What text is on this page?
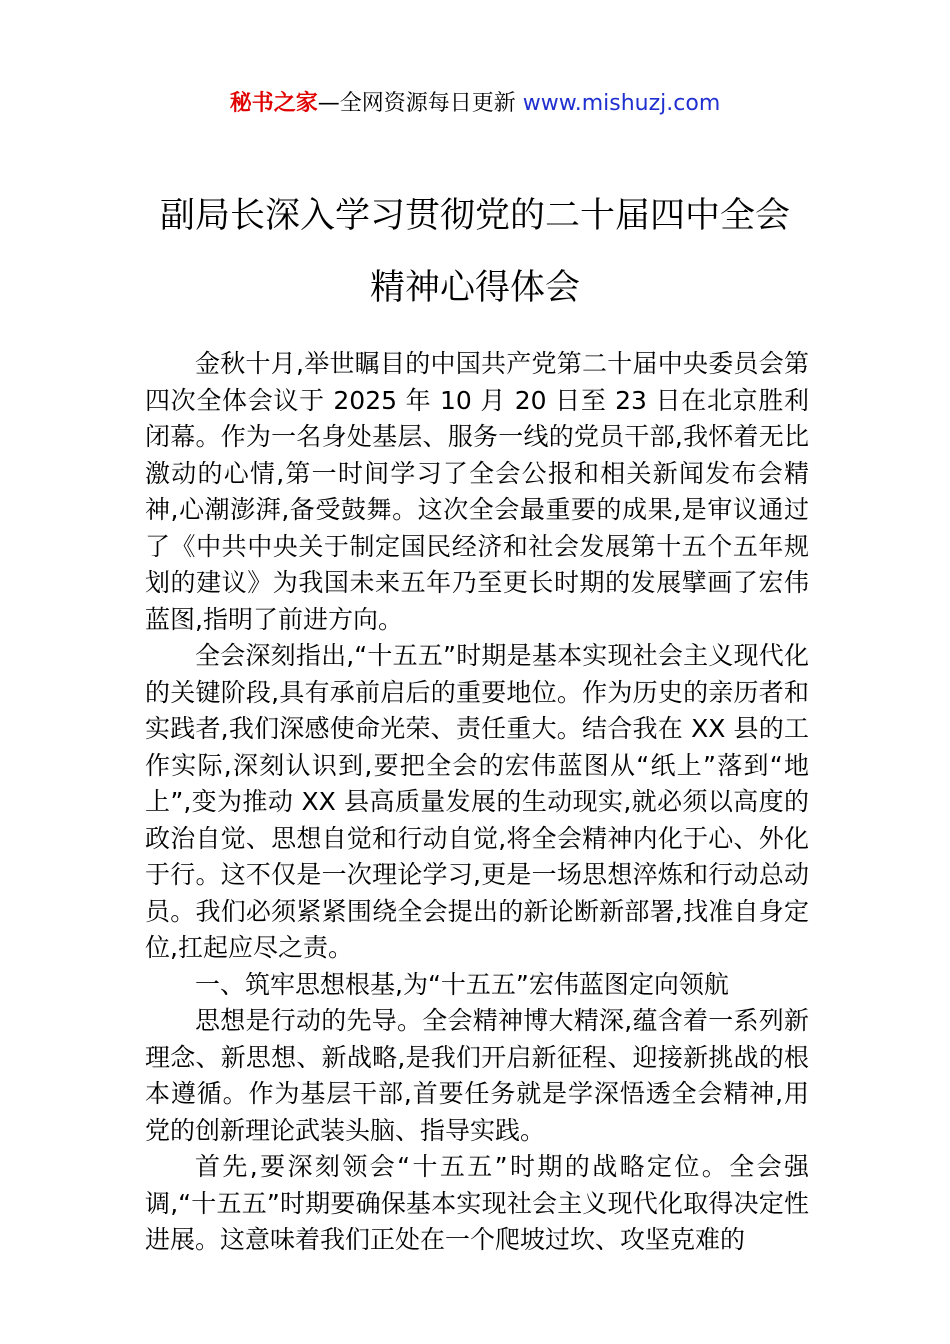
秘书之家—全网资源每日更新 www.mishuzj.com
副局长深入学习贯彻党的二十届四中全会
精神心得体会

金秋十月,举世瞩目的中国共产党第二十届中央委员会第四次全体会议于 2025 年 10 月 20 日至 23 日在北京胜利闭幕。作为一名身处基层、服务一线的党员干部,我怀着无比激动的心情,第一时间学习了全会公报和相关新闻发布会精神,心潮澎湃,备受鼓舞。这次全会最重要的成果,是审议通过了《中共中央关于制定国民经济和社会发展第十五个五年规划的建议》为我国未来五年乃至更长时期的发展擘画了宏伟蓝图,指明了前进方向。

全会深刻指出,“十五五”时期是基本实现社会主义现代化的关键阶段,具有承前启后的重要地位。作为历史的亲历者和实践者,我们深感使命光荣、责任重大。结合我在 XX 县的工作实际,深刻认识到,要把全会的宏伟蓝图从“纸上”落到“地上”,变为推动 XX 县高质量发展的生动现实,就必须以高度的政治自觉、思想自觉和行动自觉,将全会精神内化于心、外化于行。这不仅是一次理论学习,更是一场思想淬炼和行动总动员。我们必须紧紧围绕全会提出的新论断新部署,找准自身定位,扛起应尽之责。

一、筑牢思想根基,为“十五五”宏伟蓝图定向领航

思想是行动的先导。全会精神博大精深,蕴含着一系列新理念、新思想、新战略,是我们开启新征程、迎接新挑战的根本遵循。作为基层干部,首要任务就是学深悟透全会精神,用党的创新理论武装头脑、指导实践。

首先,要深刻领会“十五五”时期的战略定位。全会强调,“十五五”时期要确保基本实现社会主义现代化取得决定性进展。这意味着我们正处在一个爬坡过坎、攻坚克难的
